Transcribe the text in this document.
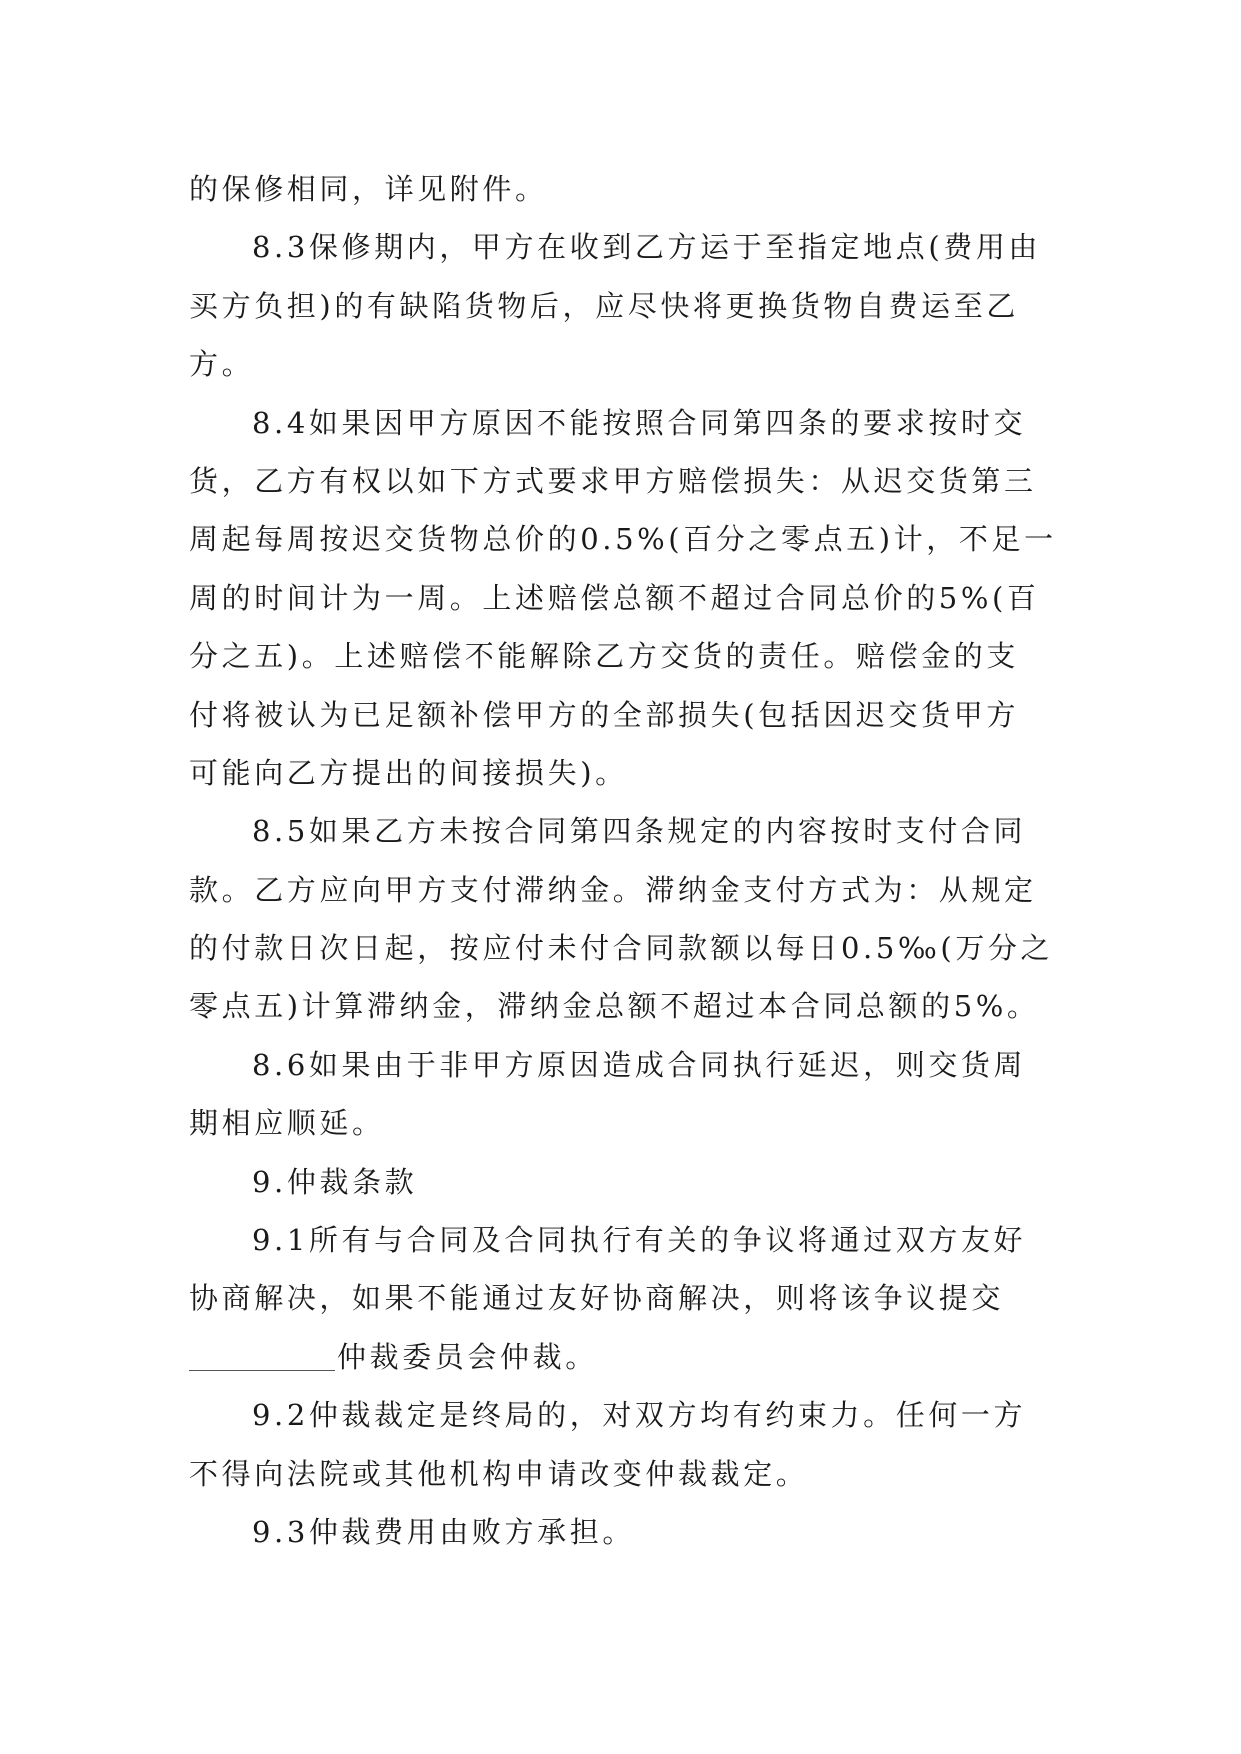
的保修相同，详见附件。
8.3保修期内，甲方在收到乙方运于至指定地点(费用由
买方负担)的有缺陷货物后，应尽快将更换货物自费运至乙
方。
8.4如果因甲方原因不能按照合同第四条的要求按时交
货，乙方有权以如下方式要求甲方赔偿损失：从迟交货第三
周起每周按迟交货物总价的0.5%(百分之零点五)计，不足一
周的时间计为一周。上述赔偿总额不超过合同总价的5%(百
分之五)。上述赔偿不能解除乙方交货的责任。赔偿金的支
付将被认为已足额补偿甲方的全部损失(包括因迟交货甲方
可能向乙方提出的间接损失)。
8.5如果乙方未按合同第四条规定的内容按时支付合同
款。乙方应向甲方支付滞纳金。滞纳金支付方式为：从规定
的付款日次日起，按应付未付合同款额以每日0.5‰(万分之
零点五)计算滞纳金，滞纳金总额不超过本合同总额的5%。
8.6如果由于非甲方原因造成合同执行延迟，则交货周
期相应顺延。
9.仲裁条款
9.1所有与合同及合同执行有关的争议将通过双方友好
协商解决，如果不能通过友好协商解决，则将该争议提交
仲裁委员会仲裁。
9.2仲裁裁定是终局的，对双方均有约束力。任何一方
不得向法院或其他机构申请改变仲裁裁定。
9.3仲裁费用由败方承担。
